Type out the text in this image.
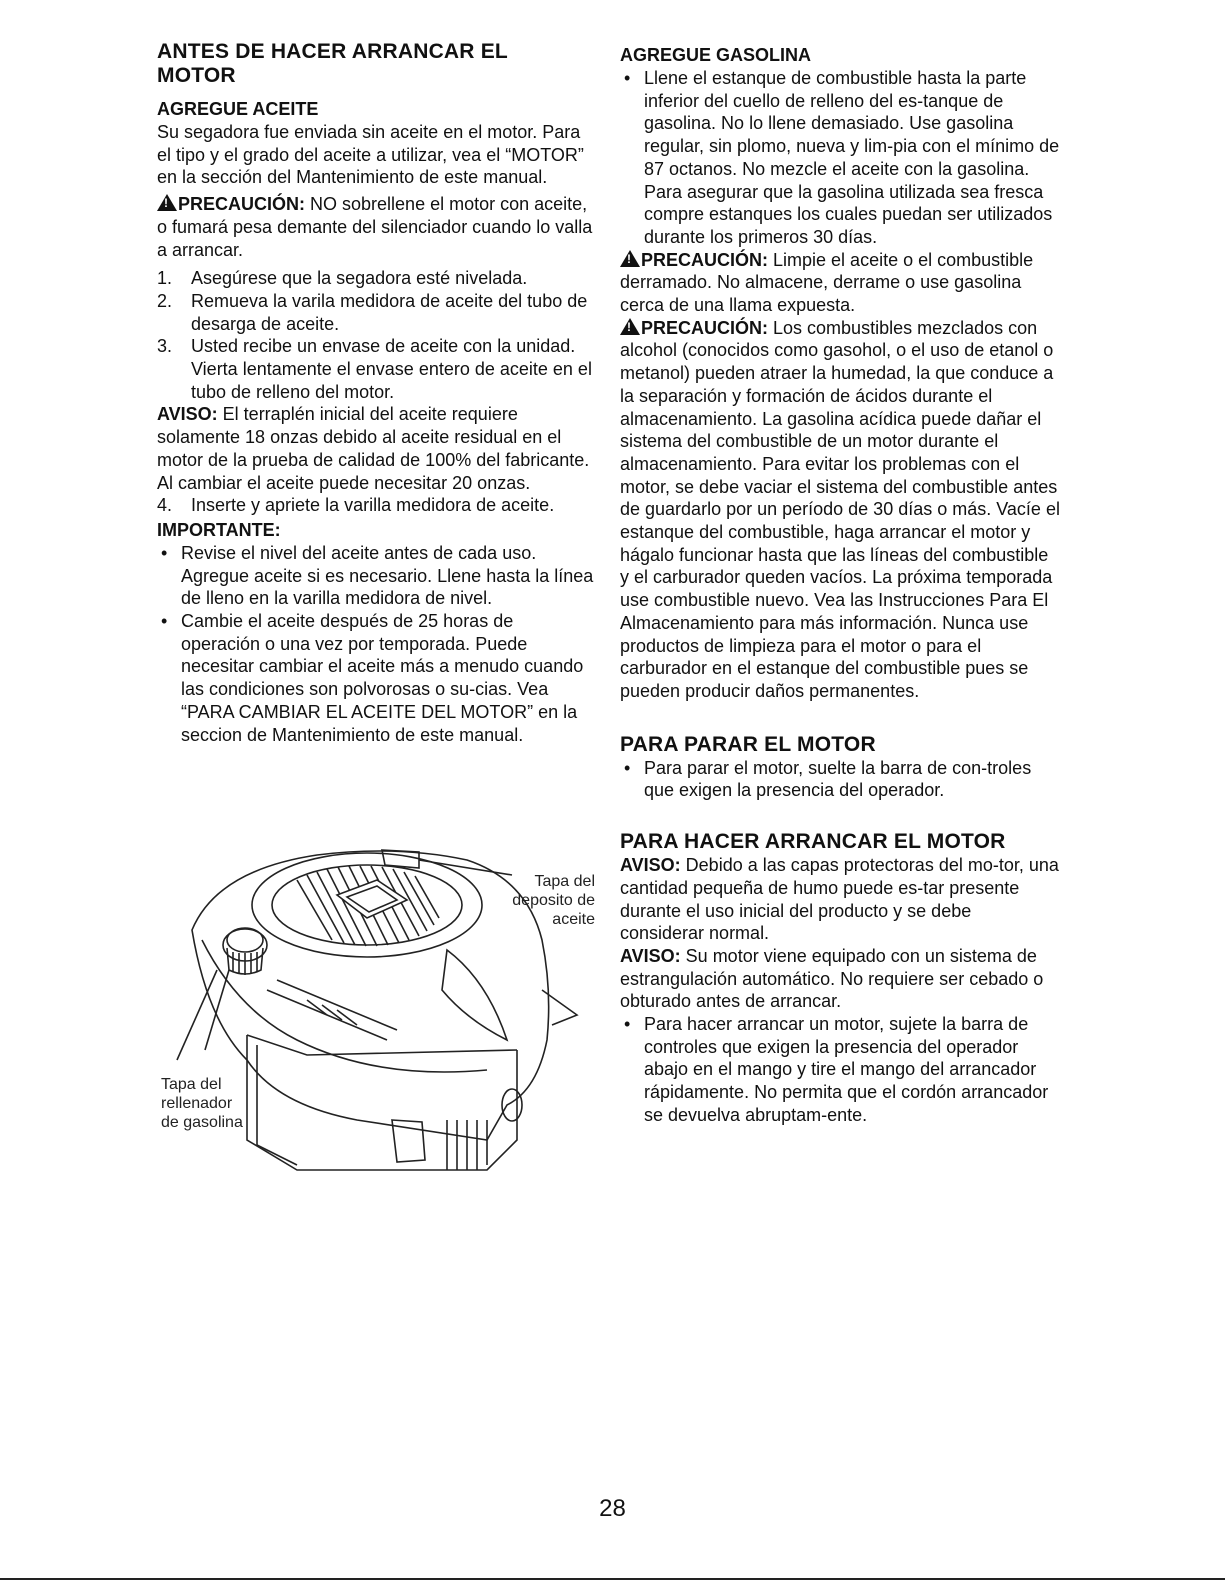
ANTES DE HACER ARRANCAR EL MOTOR
AGREGUE ACEITE

Su segadora fue enviada sin aceite en el motor. Para el tipo y el grado del aceite a utilizar, vea el “MOTOR” en la sección del Mantenimiento de este manual.

!PRECAUCIÓN: NO sobrellene el motor con aceite, o fumará pesa demante del silenciador cuando lo valla a arrancar.

1.	Asegúrese que la segadora esté nivelada.
2.	Remueva la varila medidora de aceite del tubo de desarga de aceite.
3.	Usted recibe un envase de aceite con la unidad. Vierta lentamente el envase entero de aceite en el tubo de relleno del motor.

AVISO: El terraplén inicial del aceite requiere solamente 18 onzas debido al aceite residual en el motor de la prueba de calidad de 100% del fabricante. Al cambiar el aceite puede necesitar 20 onzas.

4.	Inserte y apriete la varilla medidora de aceite.
IMPORTANTE:
• Revise el nivel del aceite antes de cada uso. Agregue aceite si es necesario. Llene hasta la línea de lleno en la varilla medidora de nivel.
• Cambie el aceite después de 25 horas de operación o una vez por temporada. Puede necesitar cambiar el aceite más a menudo cuando las condiciones son polvorosas o su-cias. Vea “PARA CAMBIAR EL ACEITE DEL MOTOR” en la seccion de Mantenimiento de este manual.
Tapa del deposito de aceite
Tapa del rellenador de gasolina
AGREGUE GASOLINA
• Llene el estanque de combustible hasta la parte inferior del cuello de relleno del es-tanque de gasolina. No lo llene demasiado. Use gasolina regular, sin plomo, nueva y lim-pia con el mínimo de 87 octanos. No mezcle el aceite con la gasolina. Para asegurar que la gasolina utilizada sea fresca compre estanques los cuales puedan ser utilizados durante los primeros 30 días.

!PRECAUCIÓN: Limpie el aceite o el combustible derramado. No almacene, derrame o use gasolina cerca de una llama expuesta.

!PRECAUCIÓN: Los combustibles mezclados con alcohol (conocidos como gasohol, o el uso de etanol o metanol) pueden atraer la humedad, la que conduce a la separación y formación de ácidos durante el almacenamiento. La gasolina acídica puede dañar el sistema del combustible de un motor durante el almacenamiento. Para evitar los problemas con el motor, se debe vaciar el sistema del combustible antes de guardarlo por un período de 30 días o más. Vacíe el estanque del combustible, haga arrancar el motor y hágalo funcionar hasta que las líneas del combustible y el carburador queden vacíos. La próxima temporada use combustible nuevo. Vea las Instrucciones Para El Almacenamiento para más información. Nunca use productos de limpieza para el motor o para el carburador en el estanque del combustible pues se pueden producir daños permanentes.

PARA PARAR EL MOTOR
• Para parar el motor, suelte la barra de con-troles que exigen la presencia del operador.
PARA HACER ARRANCAR EL MOTOR

AVISO: Debido a las capas protectoras del mo-tor, una cantidad pequeña de humo puede es-tar presente durante el uso inicial del producto y se debe considerar normal.

AVISO: Su motor viene equipado con un sistema de estrangulación automático. No requiere ser cebado o obturado antes de arrancar.

• Para hacer arrancar un motor, sujete la barra de controles que exigen la presencia del operador abajo en el mango y tire el mango del arrancador rápidamente. No permita que el cordón arrancador se devuelva abruptam-ente.
28
